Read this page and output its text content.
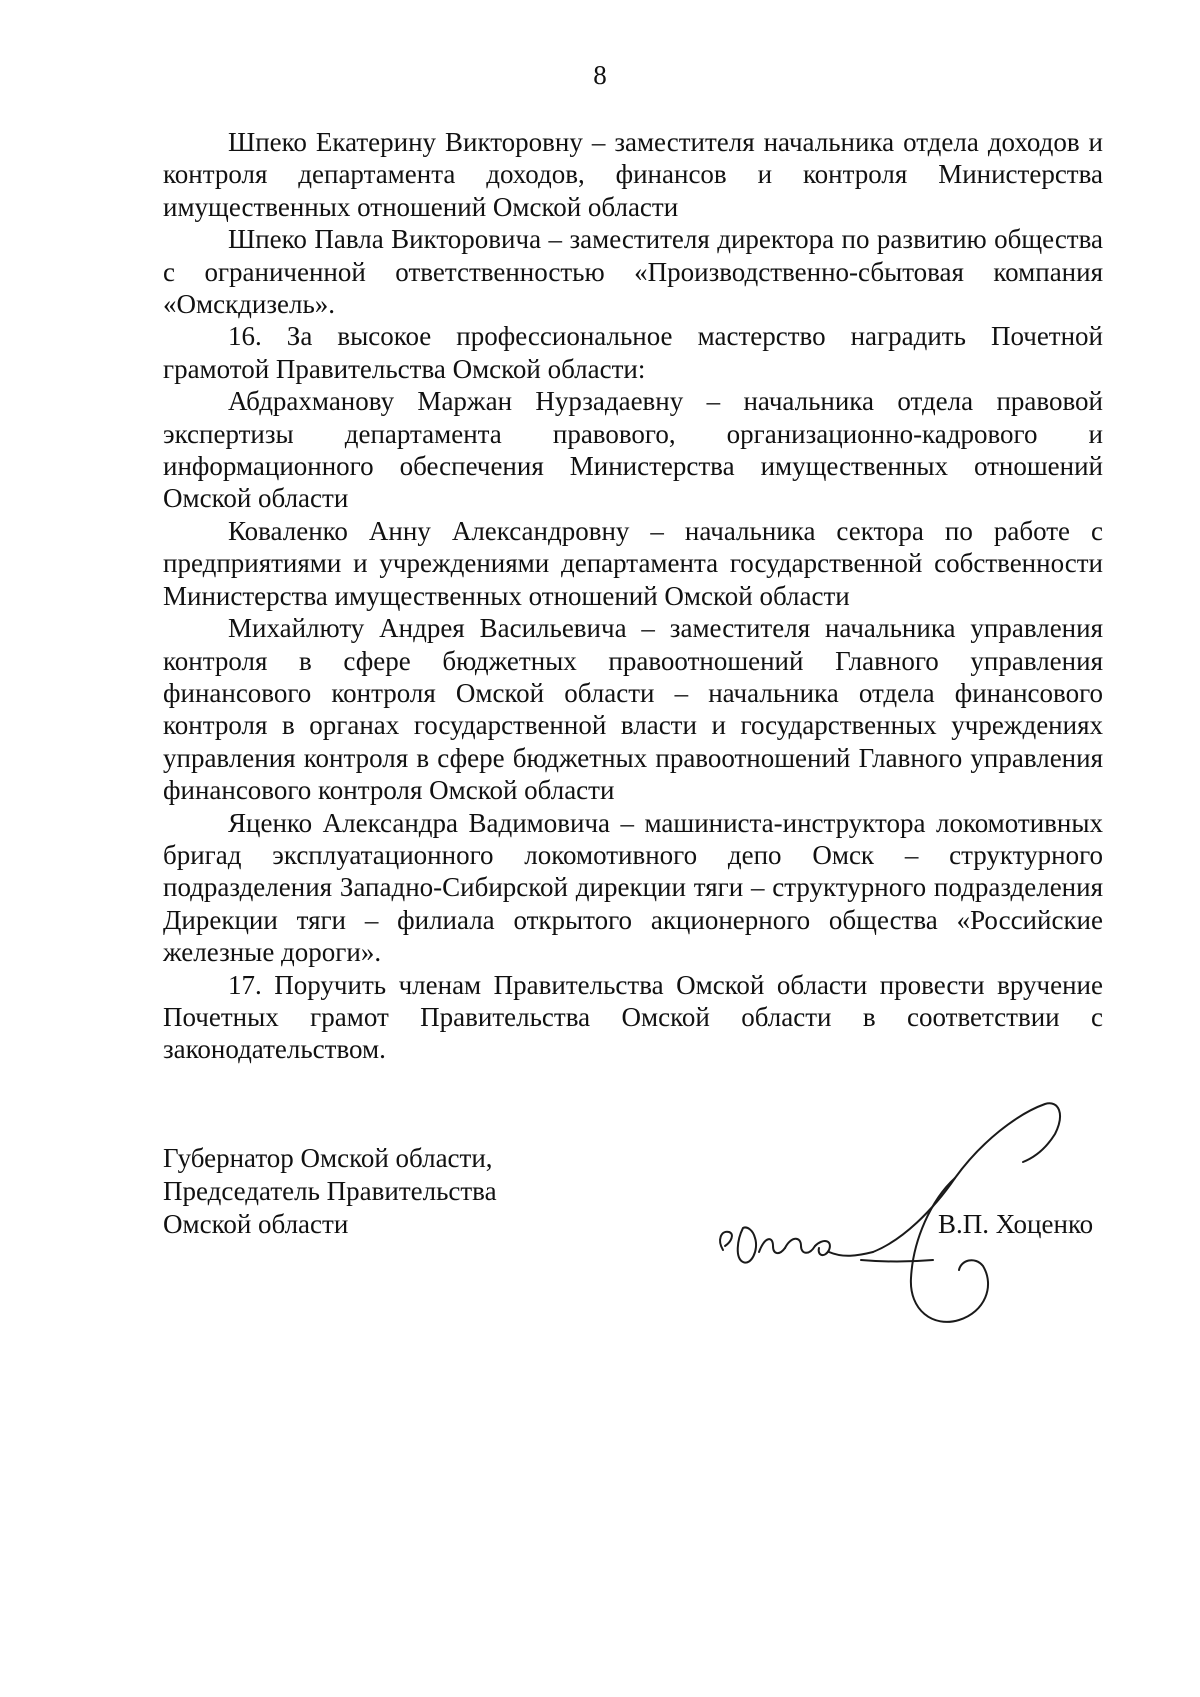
8

Шпеко Екатерину Викторовну – заместителя начальника отдела доходов и контроля департамента доходов, финансов и контроля Министерства имущественных отношений Омской области

Шпеко Павла Викторовича – заместителя директора по развитию общества с ограниченной ответственностью «Производственно-сбытовая компания «Омскдизель».

16. За высокое профессиональное мастерство наградить Почетной грамотой Правительства Омской области:

Абдрахманову Маржан Нурзадаевну – начальника отдела правовой экспертизы департамента правового, организационно-кадрового и информационного обеспечения Министерства имущественных отношений Омской области

Коваленко Анну Александровну – начальника сектора по работе с предприятиями и учреждениями департамента государственной собственности Министерства имущественных отношений Омской области

Михайлюту Андрея Васильевича – заместителя начальника управления контроля в сфере бюджетных правоотношений Главного управления финансового контроля Омской области – начальника отдела финансового контроля в органах государственной власти и государственных учреждениях управления контроля в сфере бюджетных правоотношений Главного управления финансового контроля Омской области

Яценко Александра Вадимовича – машиниста-инструктора локомотивных бригад эксплуатационного локомотивного депо Омск – структурного подразделения Западно-Сибирской дирекции тяги – структурного подразделения Дирекции тяги – филиала открытого акционерного общества «Российские железные дороги».

17. Поручить членам Правительства Омской области провести вручение Почетных грамот Правительства Омской области в соответствии с законодательством.

Губернатор Омской области,
Председатель Правительства
Омской области	В.П. Хоценко
